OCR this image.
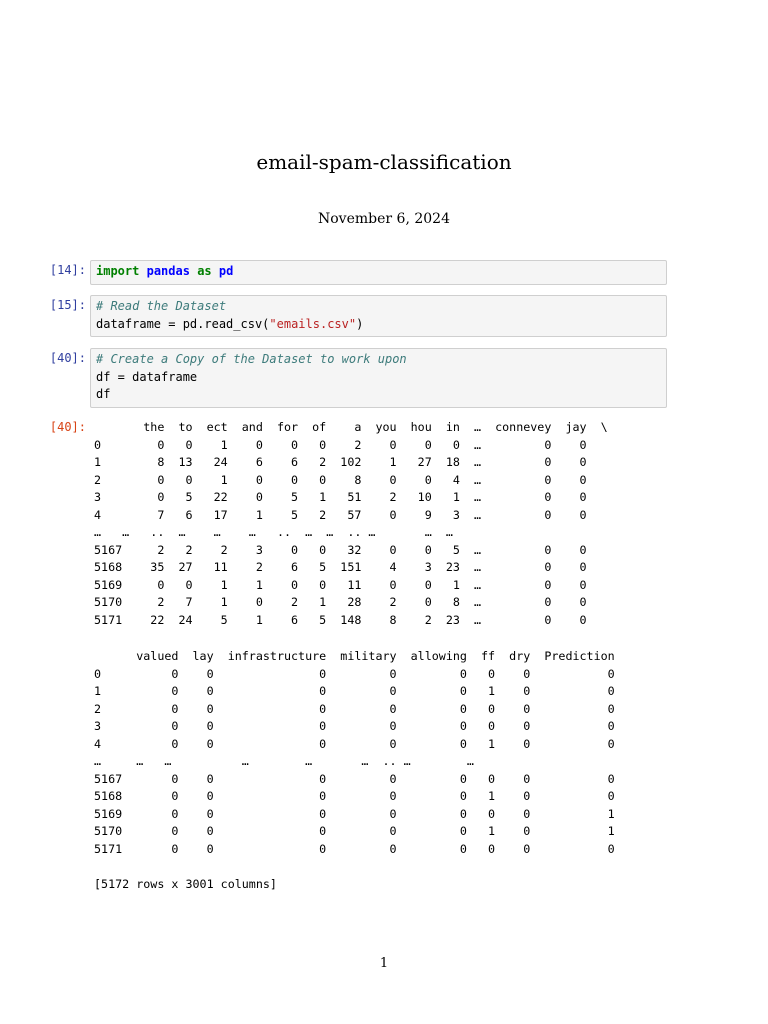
email-spam-classification
November 6, 2024
[14]: import pandas as pd
[15]: # Read the Dataset
dataframe = pd.read_csv("emails.csv")
[40]: # Create a Copy of the Dataset to work upon
df = dataframe
df
[40]: the  to  ect  and  for  of    a  you  hou  in  …  connevey  jay  \
0        0   0    1    0    0   0    2    0    0   0  …         0    0
1        8  13   24    6    6   2  102    1   27  18  …         0    0
2        0   0    1    0    0   0    8    0    0   4  …         0    0
3        0   5   22    0    5   1   51    2   10   1  …         0    0
4        7   6   17    1    5   2   57    0    9   3  …         0    0
…   …   ..  …    …    …   ..  …  …  .. …       …  …
5167     2   2    2    3    0   0   32    0    0   5  …         0    0
5168    35  27   11    2    6   5  151    4    3  23  …         0    0
5169     0   0    1    1    0   0   11    0    0   1  …         0    0
5170     2   7    1    0    2   1   28    2    0   8  …         0    0
5171    22  24    5    1    6   5  148    8    2  23  …         0    0
valued  lay  infrastructure  military  allowing  ff  dry  Prediction
0          0    0               0         0         0   0    0           0
1          0    0               0         0         0   1    0           0
2          0    0               0         0         0   0    0           0
3          0    0               0         0         0   0    0           0
4          0    0               0         0         0   1    0           0
…     …   …          …        …       …  .. …        …
5167       0    0               0         0         0   0    0           0
5168       0    0               0         0         0   1    0           0
5169       0    0               0         0         0   0    0           1
5170       0    0               0         0         0   1    0           1
5171       0    0               0         0         0   0    0           0
[5172 rows x 3001 columns]
1
